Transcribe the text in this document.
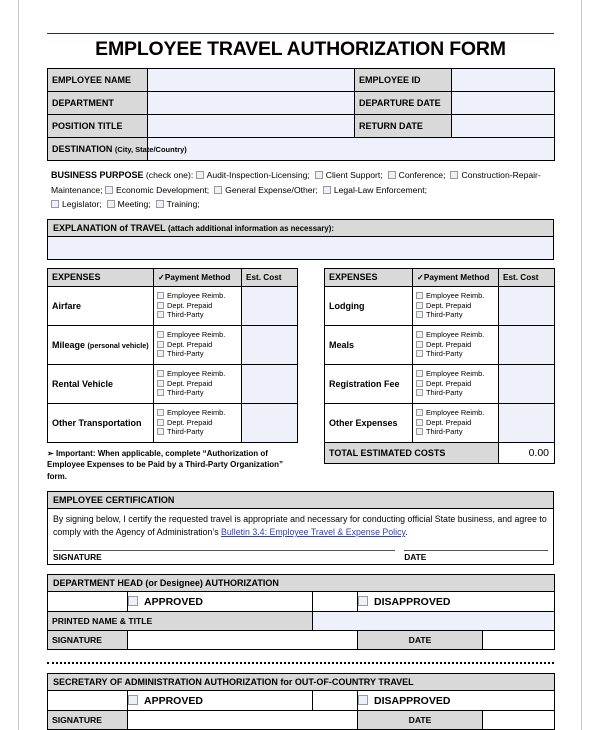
EMPLOYEE TRAVEL AUTHORIZATION FORM
EMPLOYEE NAME		EMPLOYEE ID	
DEPARTMENT		DEPARTURE DATE	
POSITION TITLE		RETURN DATE	
DESTINATION (City, State/Country)			
BUSINESS PURPOSE (check one): Audit-Inspection-Licensing; Client Support; Conference; Construction-Repair-Maintenance; Economic Development; General Expense/Other; Legal-Law Enforcement;
Legislator; Meeting; Training;
EXPLANATION of TRAVEL (attach additional information as necessary):

EXPENSES	✓Payment Method	Est. Cost
Airfare	Employee Reimb.
Dept. Prepaid
Third-Party	

Mileage (personal vehicle)	Employee Reimb.
Dept. Prepaid
Third-Party	

Rental Vehicle	Employee Reimb.
Dept. Prepaid
Third-Party	

Other Transportation	Employee Reimb.
Dept. Prepaid
Third-Party	

➢ Important: When applicable, complete “Authorization of Employee Expenses to be Paid by a Third-Party Organization” form.
EXPENSES	✓Payment Method	Est. Cost
Lodging	Employee Reimb.
Dept. Prepaid
Third-Party	

Meals	Employee Reimb.
Dept. Prepaid
Third-Party	

Registration Fee	Employee Reimb.
Dept. Prepaid
Third-Party	

Other Expenses	Employee Reimb.
Dept. Prepaid
Third-Party	

TOTAL ESTIMATED COSTS		0.00
EMPLOYEE CERTIFICATION
By signing below, I certify the requested travel is appropriate and necessary for conducting official State business, and agree to comply with the Agency of Administration’s Bulletin 3.4: Employee Travel & Expense Policy.
SIGNATURE	DATE
DEPARTMENT HEAD (or Designee) AUTHORIZATION				
	APPROVED		DISAPPROVED	
PRINTED NAME & TITLE				
SIGNATURE			DATE	
SECRETARY OF ADMINISTRATION AUTHORIZATION for OUT-OF-COUNTRY TRAVEL				
	APPROVED		DISAPPROVED	
SIGNATURE			DATE	
